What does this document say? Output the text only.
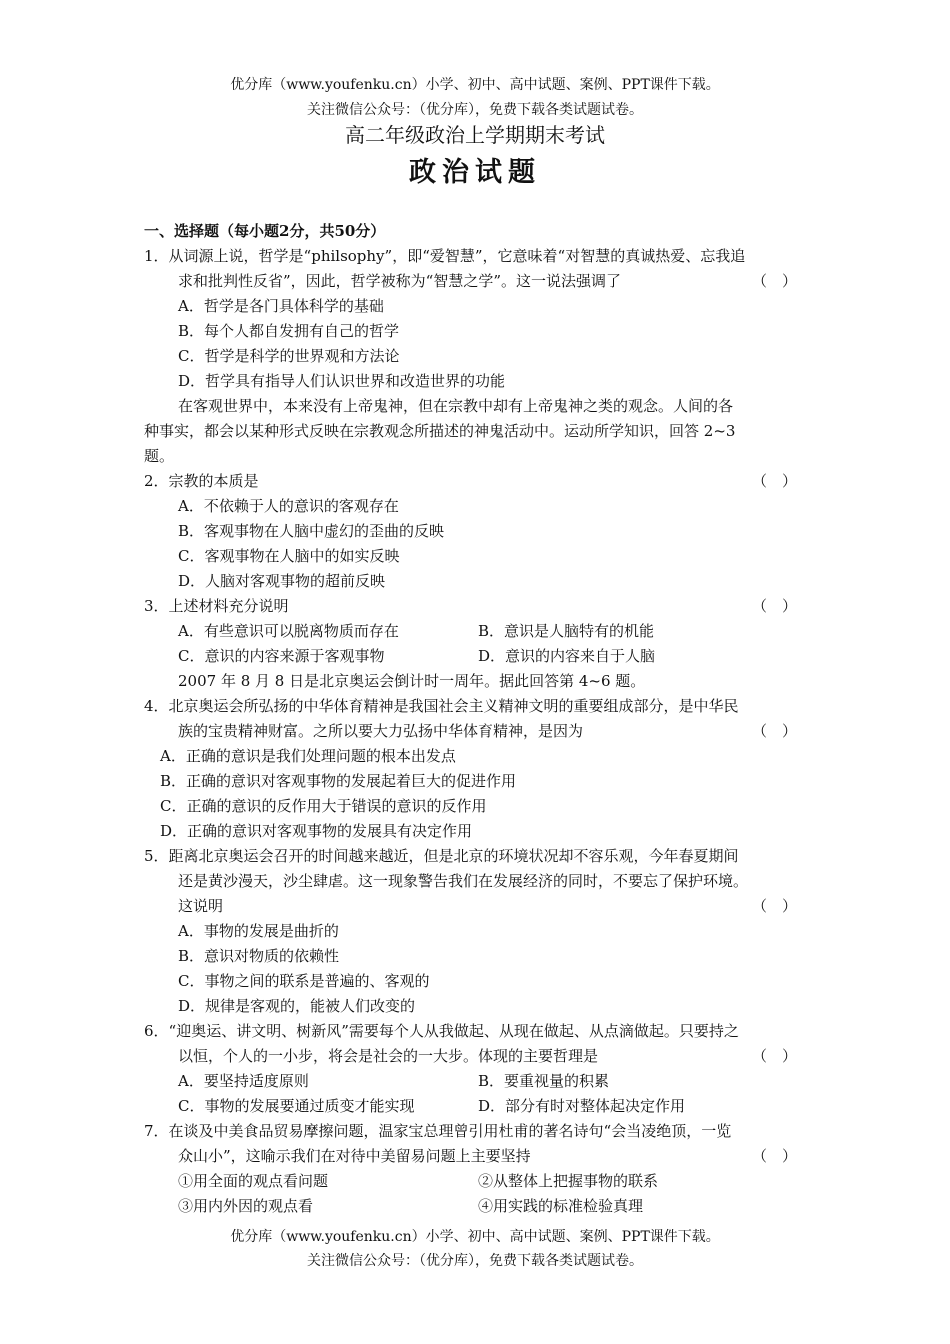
优分库（www.youfenku.cn）小学、初中、高中试题、案例、PPT课件下载。
关注微信公众号：（优分库），免费下载各类试题试卷。
高二年级政治上学期期末考试
政治试题
一、选择题（每小题2分，共50分）
1．从词源上说，哲学是“philsophy”，即“爱智慧”，它意味着“对智慧的真诚热爱、忘我追
求和批判性反省”，因此，哲学被称为“智慧之学”。这一说法强调了	（　）
A．哲学是各门具体科学的基础
B．每个人都自发拥有自己的哲学
C．哲学是科学的世界观和方法论
D．哲学具有指导人们认识世界和改造世界的功能
在客观世界中，本来没有上帝鬼神，但在宗教中却有上帝鬼神之类的观念。人间的各
种事实，都会以某种形式反映在宗教观念所描述的神鬼活动中。运动所学知识，回答 2~3
题。
2．宗教的本质是	（　）
A．不依赖于人的意识的客观存在
B．客观事物在人脑中虚幻的歪曲的反映
C．客观事物在人脑中的如实反映
D．人脑对客观事物的超前反映
3．上述材料充分说明	（　）
A．有些意识可以脱离物质而存在	B．意识是人脑特有的机能
C．意识的内容来源于客观事物	D．意识的内容来自于人脑
2007 年 8 月 8 日是北京奥运会倒计时一周年。据此回答第 4~6 题。
4．北京奥运会所弘扬的中华体育精神是我国社会主义精神文明的重要组成部分，是中华民
族的宝贵精神财富。之所以要大力弘扬中华体育精神，是因为	（　）
A．正确的意识是我们处理问题的根本出发点
B．正确的意识对客观事物的发展起着巨大的促进作用
C．正确的意识的反作用大于错误的意识的反作用
D．正确的意识对客观事物的发展具有决定作用
5．距离北京奥运会召开的时间越来越近，但是北京的环境状况却不容乐观，今年春夏期间
还是黄沙漫天，沙尘肆虐。这一现象警告我们在发展经济的同时，不要忘了保护环境。
这说明	（　）
A．事物的发展是曲折的
B．意识对物质的依赖性
C．事物之间的联系是普遍的、客观的
D．规律是客观的，能被人们改变的
6．“迎奥运、讲文明、树新风”需要每个人从我做起、从现在做起、从点滴做起。只要持之
以恒，个人的一小步，将会是社会的一大步。体现的主要哲理是	（　）
A．要坚持适度原则	B．要重视量的积累
C．事物的发展要通过质变才能实现	D．部分有时对整体起决定作用
7．在谈及中美食品贸易摩擦问题，温家宝总理曾引用杜甫的著名诗句“会当凌绝顶，一览
众山小”，这喻示我们在对待中美留易问题上主要坚持	（　）
①用全面的观点看问题	②从整体上把握事物的联系
③用内外因的观点看	④用实践的标准检验真理
优分库（www.youfenku.cn）小学、初中、高中试题、案例、PPT课件下载。
关注微信公众号：（优分库），免费下载各类试题试卷。
